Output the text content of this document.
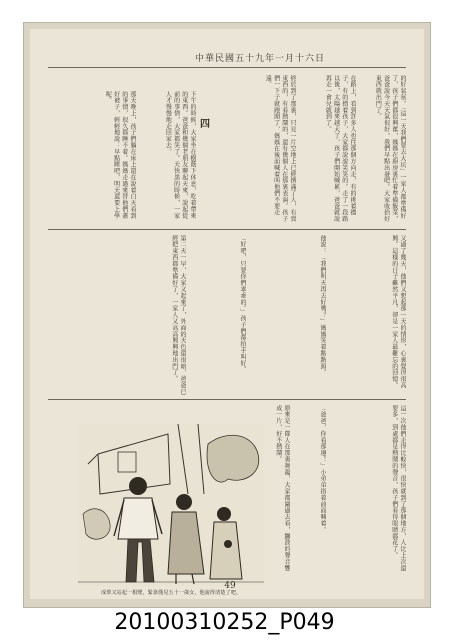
中華民國五十九年一月十六日
的好氣氛。「這一天我們要去大坑」一家人都準備好了，孩子們都很興奮，媽媽在廚房裏忙着準備飯菜，爸爸說今天天氣很好，我們早點出發吧。大家收拾好東西就出門了。
在路上，看到許多人也往那個方向走，有的挑着擔子，有的揹着孩子，大家都說說笑笑的。走了一段路以後，太陽越來越大了，孩子們開始喊累，爸爸就說再走一會兒就到了。
終於到了那裏，只見一片空地上已經擠滿了人，有賣東西的，有看熱鬧的，還有幾個人在那裏表演。孩子們一下子就跑開了，媽媽在後面喊着叫他們不要走遠。
四
下午的時候，大家坐在樹蔭下休息，吃着帶來的東西。爸爸和幾個老朋友聊起天來，說起從前的事情，大家都笑了。天快黑的時候，一家人才慢慢地走回家去。
那天晚上，孩子們躺在床上還在說着白天看到的事情，很久都睡不着。媽媽走過來替他們蓋好被子，輕輕地說：早點睡吧，明天還要上學呢。
又過了幾天，他們又想起那一天的情形，心裏覺得很高興。這樣的日子雖然平凡，卻是一家人最難忘的回憶。
他說：「我們明天再去好嗎？」媽媽笑着點點頭。
「好吧，只要你們乖乖的。」孩子們都拍手叫好。
第二天一早，大家又起來了，外面的天色還很暗，爸爸已經把東西都準備好了，一家人又高高興興地出門了。
這一次他們走得比較快，很快就到了那個地方，人比上次還要多，到處都是熱鬧的聲音，孩子們看得眼睛都花了。
「爸爸，你看那邊！」小弟弟指着前面喊着。
原來是一隊人在那裏舞龍，大家都圍過去看，鑼鼓的聲音響成一片，好不熱鬧。
成羣又站起一根煙，緊靠僅見五十一歲女，他說得清楚了吧。
49
20100310252_P049
